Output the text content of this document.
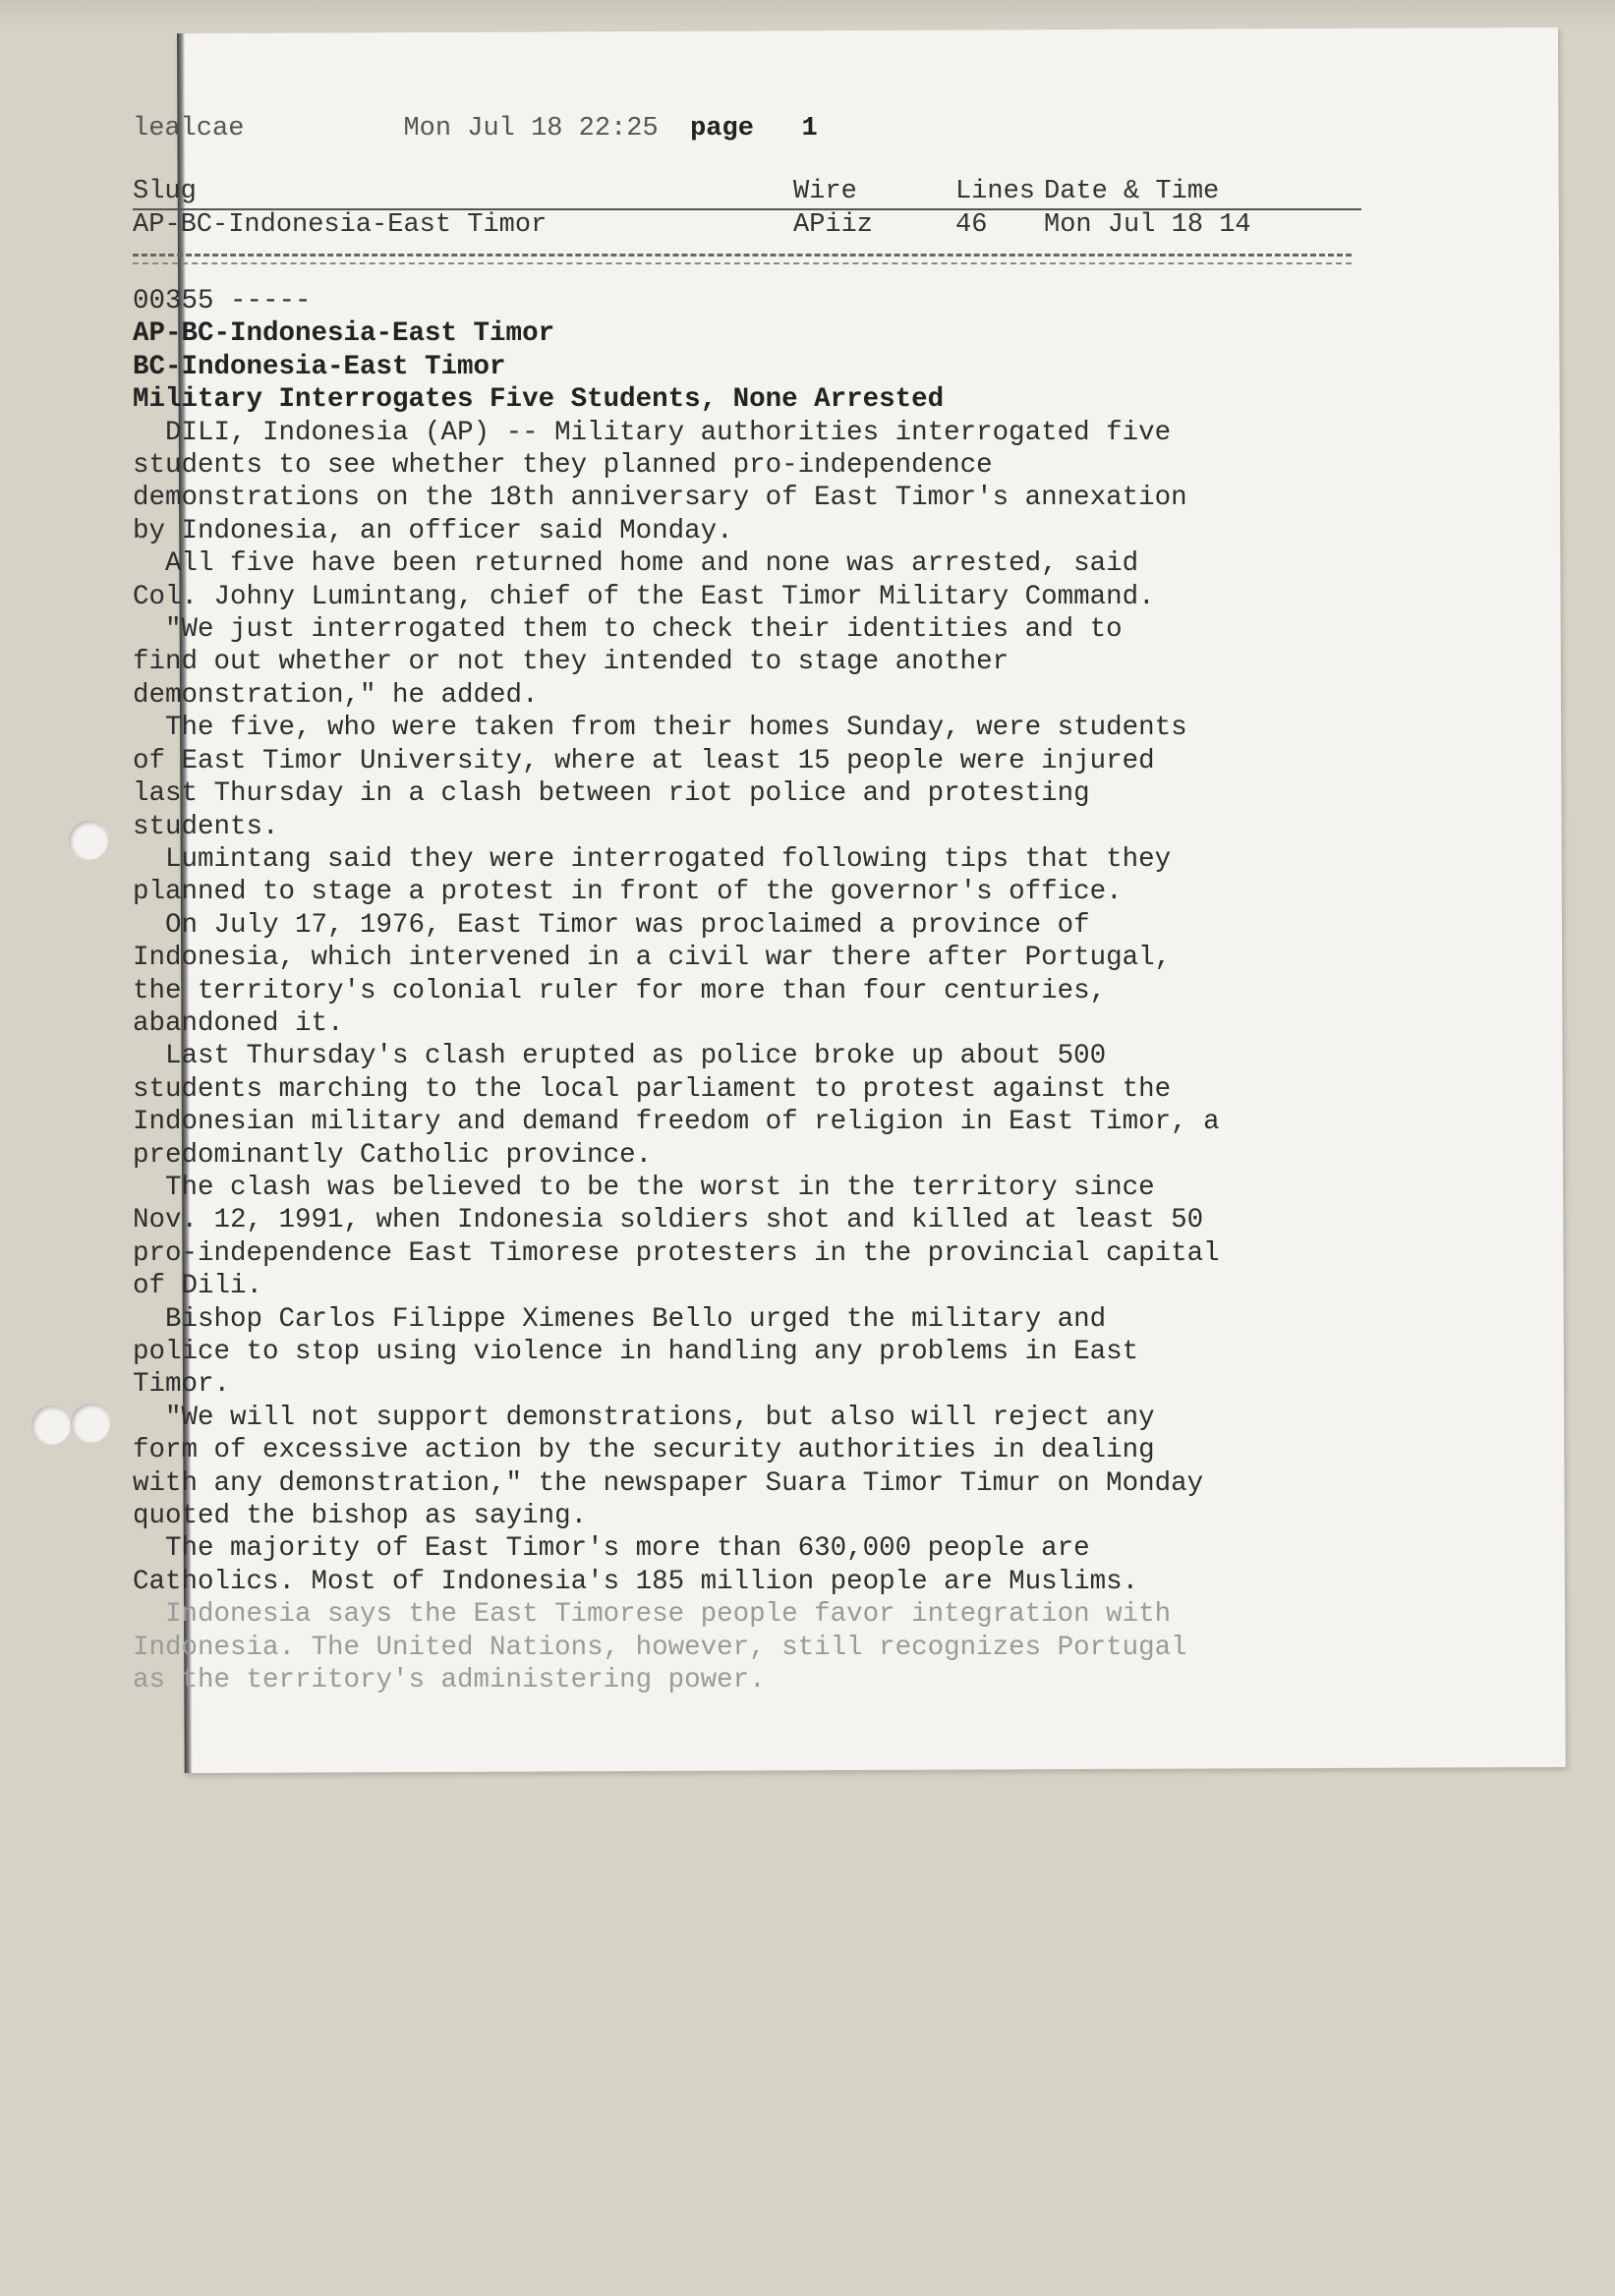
lealcae	Mon Jul 18 22:25 page 1
Slug	Wire	Lines Date & Time
AP-BC-Indonesia-East Timor	APiiz	46	Mon Jul 18 14

00355 -----

AP-BC-Indonesia-East Timor

BC-Indonesia-East Timor

Military Interrogates Five Students, None Arrested

DILI, Indonesia (AP) -- Military authorities interrogated five

students to see whether they planned pro-independence

demonstrations on the 18th anniversary of East Timor's annexation

by Indonesia, an officer said Monday.

All five have been returned home and none was arrested, said

Col. Johny Lumintang, chief of the East Timor Military Command.

"We just interrogated them to check their identities and to

find out whether or not they intended to stage another

demonstration," he added.

The five, who were taken from their homes Sunday, were students

of East Timor University, where at least 15 people were injured

last Thursday in a clash between riot police and protesting

students.

Lumintang said they were interrogated following tips that they

planned to stage a protest in front of the governor's office.

On July 17, 1976, East Timor was proclaimed a province of

Indonesia, which intervened in a civil war there after Portugal,

the territory's colonial ruler for more than four centuries,

abandoned it.

Last Thursday's clash erupted as police broke up about 500

students marching to the local parliament to protest against the

Indonesian military and demand freedom of religion in East Timor, a

predominantly Catholic province.

The clash was believed to be the worst in the territory since

Nov. 12, 1991, when Indonesia soldiers shot and killed at least 50

pro-independence East Timorese protesters in the provincial capital

of Dili.

Bishop Carlos Filippe Ximenes Bello urged the military and

police to stop using violence in handling any problems in East

Timor.

"We will not support demonstrations, but also will reject any

form of excessive action by the security authorities in dealing

with any demonstration," the newspaper Suara Timor Timur on Monday

quoted the bishop as saying.

The majority of East Timor's more than 630,000 people are

Catholics. Most of Indonesia's 185 million people are Muslims.

Indonesia says the East Timorese people favor integration with

Indonesia. The United Nations, however, still recognizes Portugal

as the territory's administering power.
